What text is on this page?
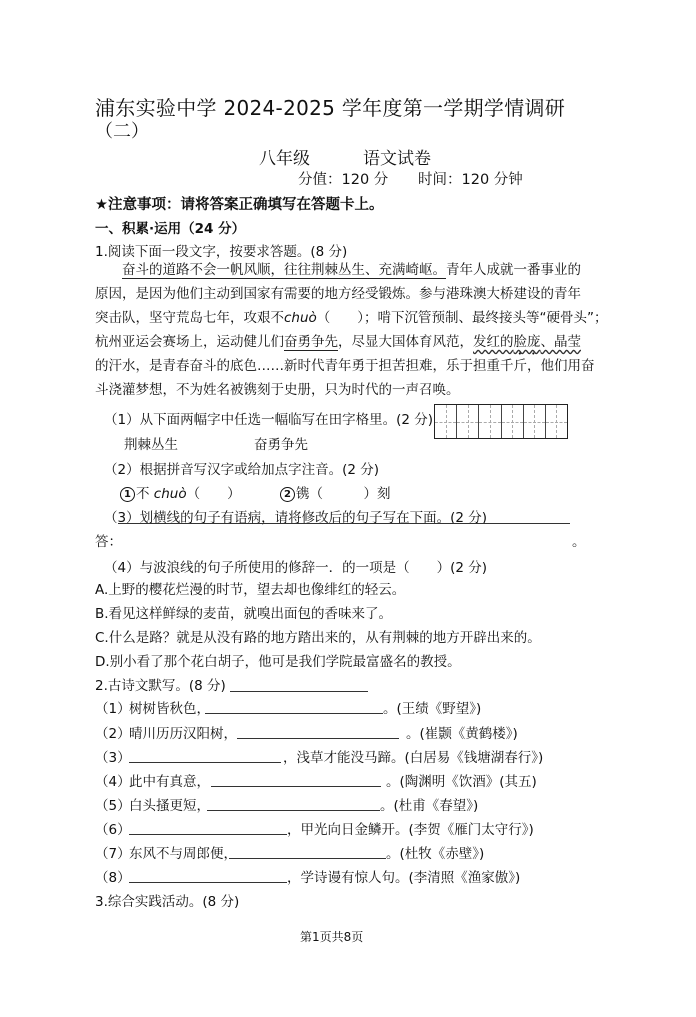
浦东实验中学 2024-2025 学年度第一学期学情调研
（二）
八年级	语文试卷
分值：120 分 时间：120 分钟
★注意事项：请将答案正确填写在答题卡上。
一、积累·运用（24 分）
1.阅读下面一段文字，按要求答题。(8 分)
奋斗的道路不会一帆风顺，往往荆棘丛生、充满崎岖。青年人成就一番事业的
原因，是因为他们主动到国家有需要的地方经受锻炼。参与港珠澳大桥建设的青年
突击队，坚守荒岛七年，攻艰不chuò（　　）；啃下沉管预制、最终接头等“硬骨头”；
杭州亚运会赛场上，运动健儿们奋勇争先，尽显大国体育风范，发红的脸庞、晶莹
的汗水，是青春奋斗的底色……新时代青年勇于担苦担难，乐于担重千斤，他们用奋
斗浇灌梦想，不为姓名被镌刻于史册，只为时代的一声召唤。
（1）从下面两幅字中任选一幅临写在田字格里。(2 分)
荆棘丛生	奋勇争先
（2）根据拼音写汉字或给加点字注音。(2 分)
1 不 chuò（　　）	2 镌（　　　）刻
（3）划横线的句子有语病，请将修改后的句子写在下面。(2 分)
答：	。
（4）与波浪线的句子所使用的修辞一．的一项是（　　）(2 分)
A.上野的樱花烂漫的时节，望去却也像绯红的轻云。
B.看见这样鲜绿的麦苗，就嗅出面包的香味来了。
C.什么是路？就是从没有路的地方踏出来的，从有荆棘的地方开辟出来的。
D.别小看了那个花白胡子，他可是我们学院最富盛名的教授。
2.古诗文默写。(8 分)
（1）
树树皆秋色，	。(王绩《野望》)
（2）
晴川历历汉阳树，	。(崔颢《黄鹤楼》)
（3）	，浅草才能没马蹄。(白居易《钱塘湖春行》)
（4）
此中有真意，	。(陶渊明《饮酒》(其五)
（5）
白头搔更短，	。(杜甫《春望》)
（6）	，甲光向日金鳞开。(李贺《雁门太守行》)
（7）
东风不与周郎便，	。(杜牧《赤壁》)
（8）	，学诗谩有惊人句。(李清照《渔家傲》)
3.综合实践活动。(8 分)
第1页共8页
